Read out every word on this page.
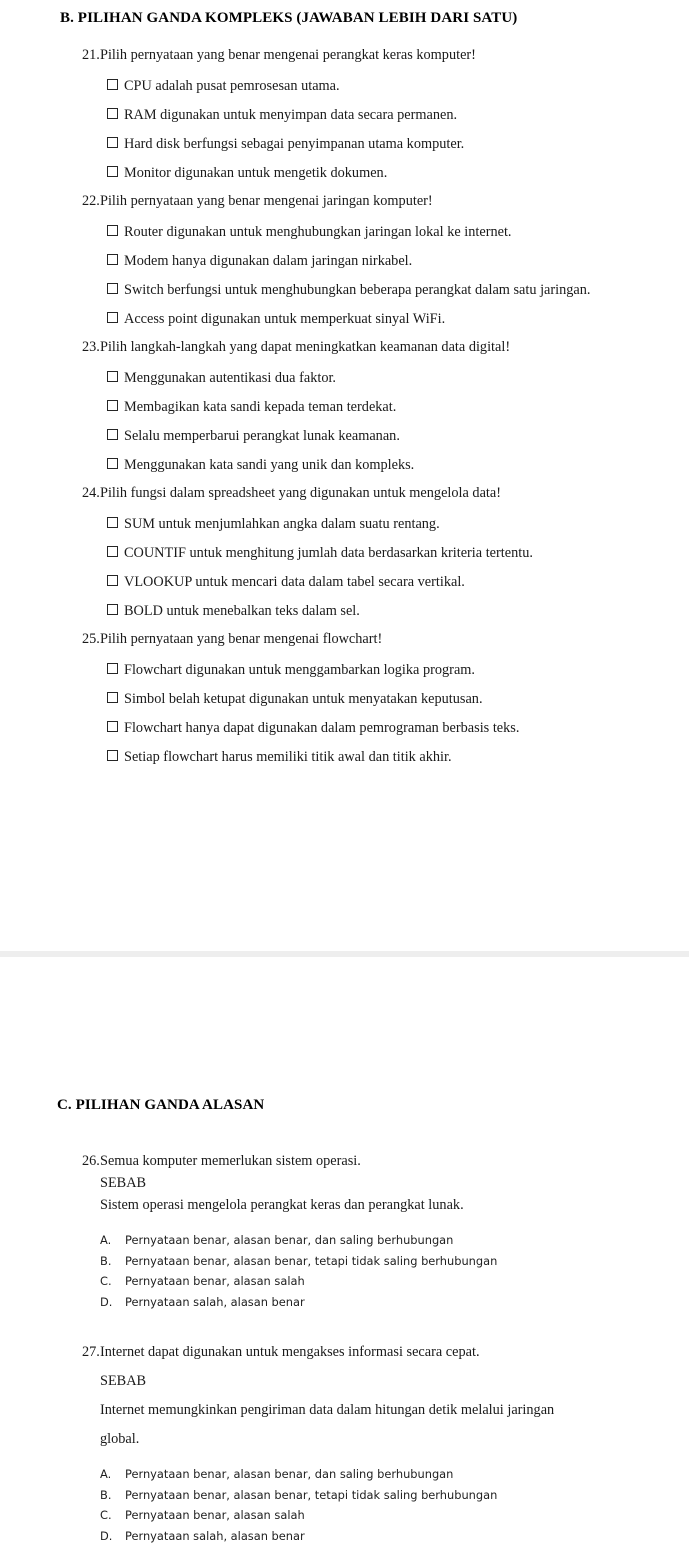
B. PILIHAN GANDA KOMPLEKS (JAWABAN LEBIH DARI SATU)
21. Pilih pernyataan yang benar mengenai perangkat keras komputer!
CPU adalah pusat pemrosesan utama.
RAM digunakan untuk menyimpan data secara permanen.
Hard disk berfungsi sebagai penyimpanan utama komputer.
Monitor digunakan untuk mengetik dokumen.
22. Pilih pernyataan yang benar mengenai jaringan komputer!
Router digunakan untuk menghubungkan jaringan lokal ke internet.
Modem hanya digunakan dalam jaringan nirkabel.
Switch berfungsi untuk menghubungkan beberapa perangkat dalam satu jaringan.
Access point digunakan untuk memperkuat sinyal WiFi.
23. Pilih langkah-langkah yang dapat meningkatkan keamanan data digital!
Menggunakan autentikasi dua faktor.
Membagikan kata sandi kepada teman terdekat.
Selalu memperbarui perangkat lunak keamanan.
Menggunakan kata sandi yang unik dan kompleks.
24. Pilih fungsi dalam spreadsheet yang digunakan untuk mengelola data!
SUM untuk menjumlahkan angka dalam suatu rentang.
COUNTIF untuk menghitung jumlah data berdasarkan kriteria tertentu.
VLOOKUP untuk mencari data dalam tabel secara vertikal.
BOLD untuk menebalkan teks dalam sel.
25. Pilih pernyataan yang benar mengenai flowchart!
Flowchart digunakan untuk menggambarkan logika program.
Simbol belah ketupat digunakan untuk menyatakan keputusan.
Flowchart hanya dapat digunakan dalam pemrograman berbasis teks.
Setiap flowchart harus memiliki titik awal dan titik akhir.
C. PILIHAN GANDA ALASAN
26. Semua komputer memerlukan sistem operasi.
SEBAB
Sistem operasi mengelola perangkat keras dan perangkat lunak.
A. Pernyataan benar, alasan benar, dan saling berhubungan
B. Pernyataan benar, alasan benar, tetapi tidak saling berhubungan
C. Pernyataan benar, alasan salah
D. Pernyataan salah, alasan benar
27. Internet dapat digunakan untuk mengakses informasi secara cepat.
SEBAB
Internet memungkinkan pengiriman data dalam hitungan detik melalui jaringan
global.
A. Pernyataan benar, alasan benar, dan saling berhubungan
B. Pernyataan benar, alasan benar, tetapi tidak saling berhubungan
C. Pernyataan benar, alasan salah
D. Pernyataan salah, alasan benar
